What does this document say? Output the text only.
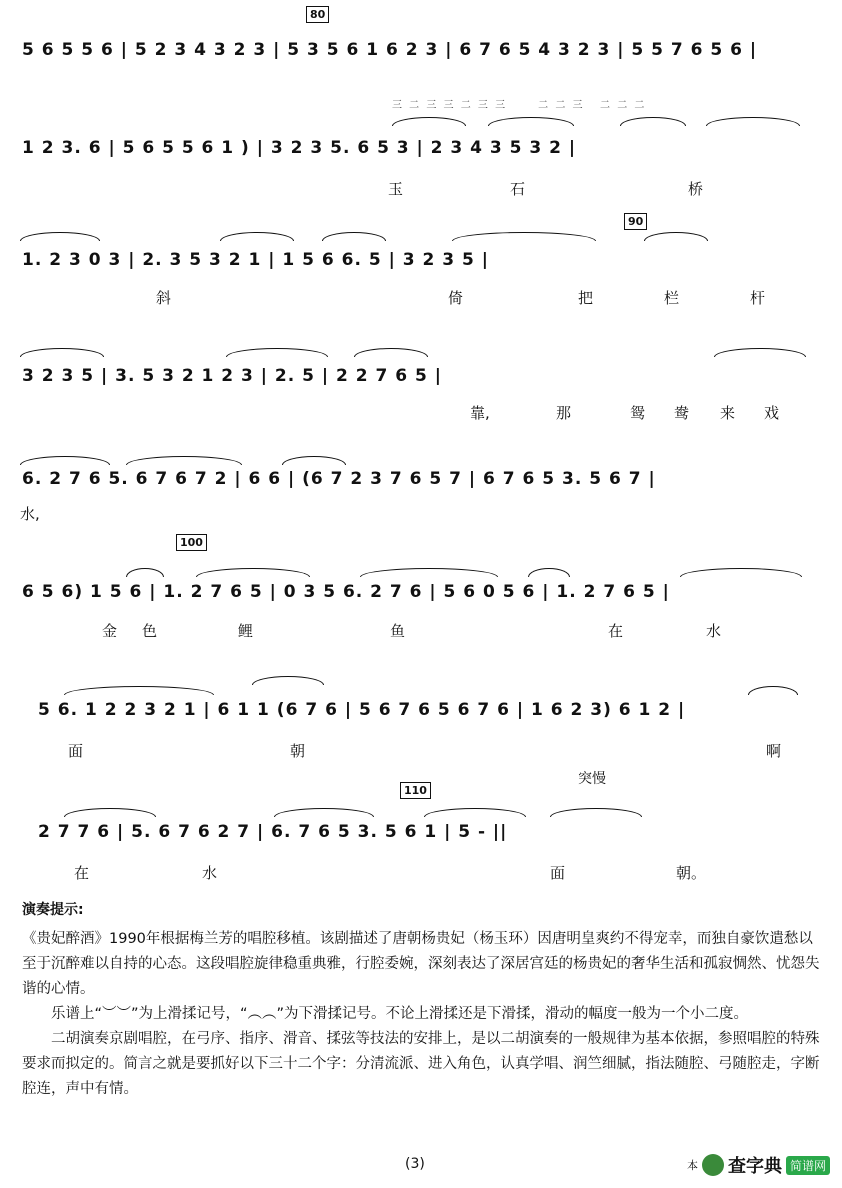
5 6 5 5 6 | 5 2 3 4 3 2 3 | 5 3 5 6 1 6 2 3 | 6 7 6 5 4 3 2 3 | 5 5 7 6 5 6 |
80
三 二 三 三 二 三 三      二 二 三   二 二 二
1 2 3. 6 | 5 6 5 5 6 1 ) | 3 2 3 5. 6 5 3 | 2 3 4 3 5 3 2 |
玉	石	桥
90
1. 2 3 0 3 | 2. 3 5 3 2 1 | 1 5 6 6. 5 | 3 2 3 5 |
斜	倚	把	栏	杆
3 2 3 5 | 3. 5 3 2 1 2 3 | 2. 5 | 2 2 7 6 5 |
靠,	那	鸳 鸯 来 戏
6. 2 7 6 5. 6 7 6 7 2 | 6 6 | (6 7 2 3 7 6 5 7 | 6 7 6 5 3. 5 6 7 |
水,
100
6 5 6) 1 5 6 | 1. 2 7 6 5 | 0 3 5 6. 2 7 6 | 5 6 0 5 6 | 1. 2 7 6 5 |
金 色	鲤	鱼	在	水
5 6. 1 2 2 3 2 1 | 6 1 1 (6 7 6 | 5 6 7 6 5 6 7 6 | 1 6 2 3) 6 1 2 |
面	朝	啊
突慢
110
2 7 7 6 | 5. 6 7 6 2 7 | 6. 7 6 5 3. 5 6 1 | 5 - ||
在	水	面	朝。
演奏提示:

《贵妃醉酒》1990年根据梅兰芳的唱腔移植。该剧描述了唐朝杨贵妃（杨玉环）因唐明皇爽约不得宠幸，而独自豪饮遣愁以至于沉醉难以自持的心态。这段唱腔旋律稳重典雅，行腔委婉，深刻表达了深居宫廷的杨贵妃的奢华生活和孤寂惆然、忧怨失谐的心情。

乐谱上“︶︶”为上滑揉记号，“︵︵”为下滑揉记号。不论上滑揉还是下滑揉，滑动的幅度一般为一个小二度。

二胡演奏京剧唱腔，在弓序、指序、滑音、揉弦等技法的安排上，是以二胡演奏的一般规律为基本依据，参照唱腔的特殊要求而拟定的。简言之就是要抓好以下三十二个字：分清流派、进入角色，认真学唱、润竺细腻，指法随腔、弓随腔走，字断腔连，声中有情。

(3)	本 查字典 简谱网
